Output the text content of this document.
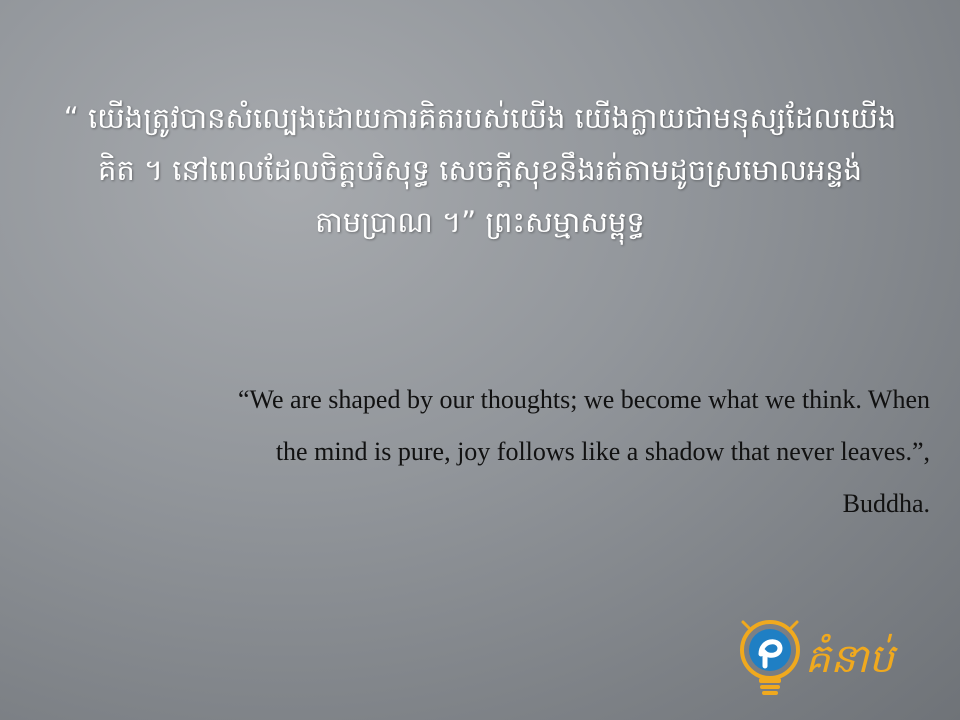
“ យើងត្រូវបានសំល្បេងដោយការគិតរបស់យើង យើងក្លាយជាមនុស្សដែលយើង
គិត ។ នៅពេលដែលចិត្តបរិសុទ្ធ សេចក្ដីសុខនឹងរត់តាមដូចស្រមោលអន្ទង់
តាមប្រាណ ។” ព្រះសម្មាសម្ពុទ្ធ
“We are shaped by our thoughts; we become what we think. When
the mind is pure, joy follows like a shadow that never leaves.”,
Buddha.
គំនាប់
